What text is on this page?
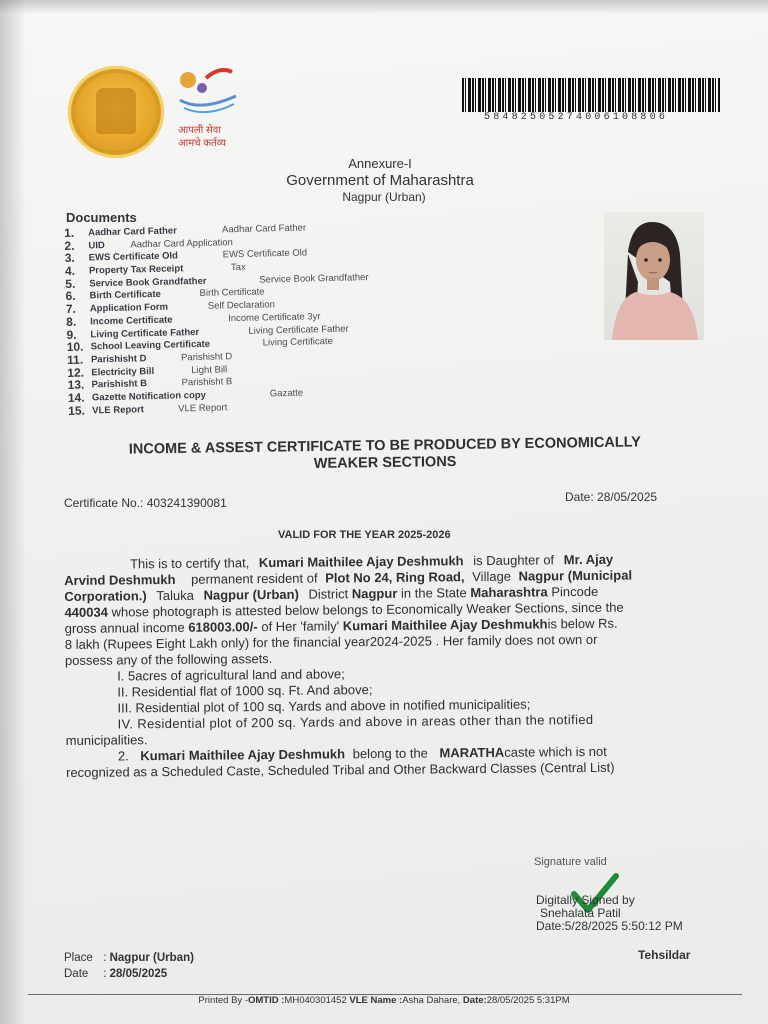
आपली सेवा
आमचे कर्तव्य
5848250527400610880​6
Annexure-I
Government of Maharashtra
Nagpur (Urban)
Documents
1. Aadhar Card Father	Aadhar Card Father
2. UID	Aadhar Card Application
3. EWS Certificate Old	EWS Certificate Old
4. Property Tax Receipt	Tax
5. Service Book Grandfather	Service Book Grandfather
6. Birth Certificate	Birth Certificate
7. Application Form	Self Declaration
8. Income Certificate	Income Certificate 3yr
9. Living Certificate Father	Living Certificate Father
10. School Leaving Certificate	Living Certificate
11. Parishisht D	Parishisht D
12. Electricity Bill	Light Bill
13. Parishisht B	Parishisht B
14. Gazette Notification copy	Gazatte
15. VLE Report	VLE Report
INCOME & ASSEST CERTIFICATE TO BE PRODUCED BY ECONOMICALLY
WEAKER SECTIONS
Certificate No.: 403241390081	Date: 28/05/2025
VALID FOR THE YEAR 2025-2026
This is to certify that, Kumari Maithilee Ajay Deshmukh is Daughter of Mr. Ajay
Arvind Deshmukh permanent resident of Plot No 24, Ring Road, Village Nagpur (Municipal
Corporation.) Taluka Nagpur (Urban) District Nagpur in the State Maharashtra Pincode
440034 whose photograph is attested below belongs to Economically Weaker Sections, since the
gross annual income 618003.00/- of Her 'family' Kumari Maithilee Ajay Deshmukhis below Rs.
8 lakh (Rupees Eight Lakh only) for the financial year2024-2025 . Her family does not own or
possess any of the following assets.
I. 5acres of agricultural land and above;
II. Residential flat of 1000 sq. Ft. And above;
III. Residential plot of 100 sq. Yards and above in notified municipalities;
IV. Residential plot of 200 sq. Yards and above in areas other than the notified
municipalities.
2. Kumari Maithilee Ajay Deshmukh belong to the MARATHAcaste which is not
recognized as a Scheduled Caste, Scheduled Tribal and Other Backward Classes (Central List)
Signature valid
Digitally Signed by
Snehalata Patil
Date:5/28/2025 5:50:12 PM
Tehsildar
Place : Nagpur (Urban)
Date : 28/05/2025
Printed By -OMTID :MH040301452 VLE Name :Asha Dahare, Date:28/05/2025 5:31PM
